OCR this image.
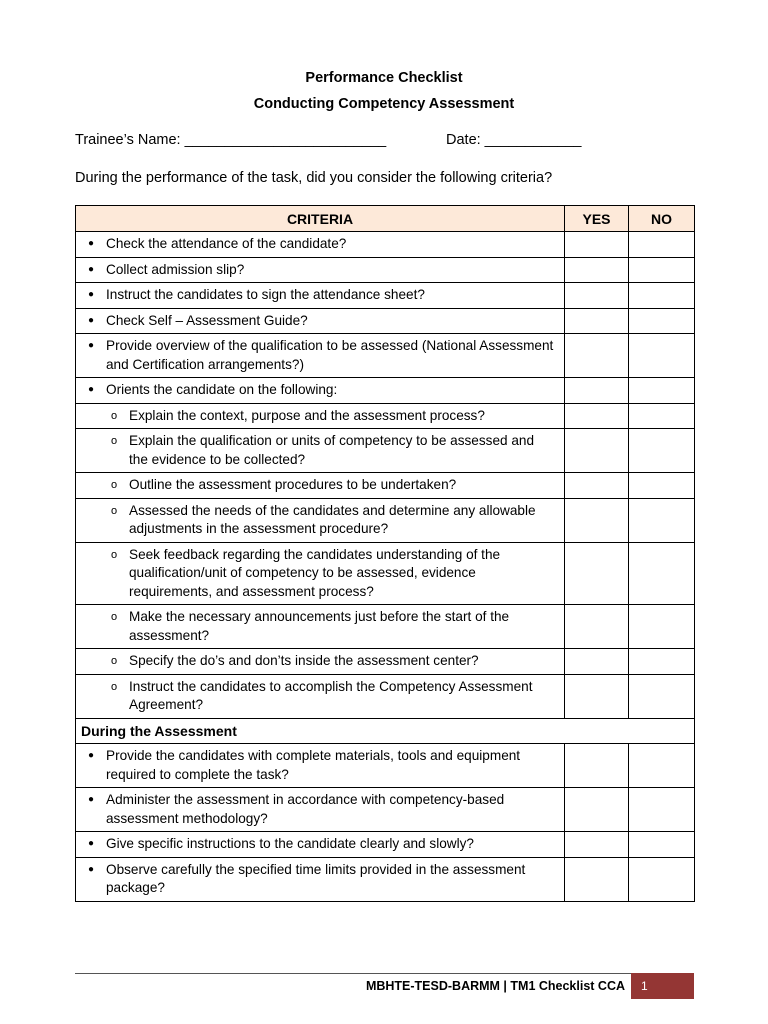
Performance Checklist
Conducting Competency Assessment
Trainee’s Name: _________________________	Date: ____________
During the performance of the task, did you consider the following criteria?
CRITERIA	YES	NO

● Check the attendance of the candidate?		

● Collect admission slip?		

● Instruct the candidates to sign the attendance sheet?		

● Check Self – Assessment Guide?		

● Provide overview of the qualification to be assessed (National Assessment and Certification arrangements?)		

● Orients the candidate on the following:		

o Explain the context, purpose and the assessment process?		

o Explain the qualification or units of competency to be assessed and the evidence to be collected?		

o Outline the assessment procedures to be undertaken?		

o Assessed the needs of the candidates and determine any allowable adjustments in the assessment procedure?		

o Seek feedback regarding the candidates understanding of the qualification/unit of competency to be assessed, evidence requirements, and assessment process?		

o Make the necessary announcements just before the start of the assessment?		

o Specify the do’s and don’ts inside the assessment center?		

o Instruct the candidates to accomplish the Competency Assessment Agreement?		

During the Assessment		

● Provide the candidates with complete materials, tools and equipment required to complete the task?		

● Administer the assessment in accordance with competency-based assessment methodology?		

● Give specific instructions to the candidate clearly and slowly?		

● Observe carefully the specified time limits provided in the assessment package?		

MBHTE-TESD-BARMM | TM1 Checklist CCA 1
